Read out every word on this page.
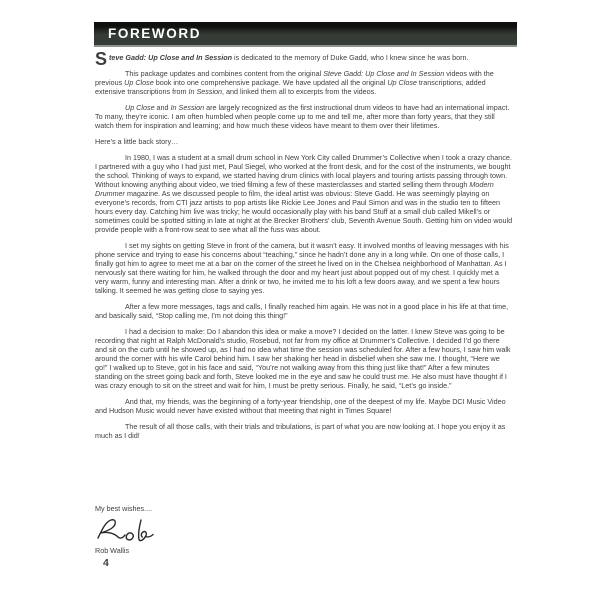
FOREWORD

Steve Gadd: Up Close and In Session is dedicated to the memory of Duke Gadd, who I knew since he was born.

This package updates and combines content from the original Steve Gadd: Up Close and In Session videos with the previous Up Close book into one comprehensive package. We have updated all the original Up Close transcriptions, added extensive transcriptions from In Session, and linked them all to excerpts from the videos.

Up Close and In Session are largely recognized as the first instructional drum videos to have had an international impact. To many, they’re iconic. I am often humbled when people come up to me and tell me, after more than forty years, that they still watch them for inspiration and learning; and how much these videos have meant to them over their lifetimes.

Here’s a little back story…

In 1980, I was a student at a small drum school in New York City called Drummer’s Collective when I took a crazy chance. I partnered with a guy who I had just met, Paul Siegel, who worked at the front desk, and for the cost of the instruments, we bought the school. Thinking of ways to expand, we started having drum clinics with local players and touring artists passing through town. Without knowing anything about video, we tried filming a few of these masterclasses and started selling them through Modern Drummer magazine. As we discussed people to film, the ideal artist was obvious: Steve Gadd. He was seemingly playing on everyone’s records, from CTI jazz artists to pop artists like Rickie Lee Jones and Paul Simon and was in the studio ten to fifteen hours every day. Catching him live was tricky; he would occasionally play with his band Stuff at a small club called Mikell’s or sometimes could be spotted sitting in late at night at the Brecker Brothers’ club, Seventh Avenue South. Getting him on video would provide people with a front-row seat to see what all the fuss was about.

I set my sights on getting Steve in front of the camera, but it wasn’t easy. It involved months of leaving messages with his phone service and trying to ease his concerns about “teaching,” since he hadn’t done any in a long while. On one of those calls, I finally got him to agree to meet me at a bar on the corner of the street he lived on in the Chelsea neighborhood of Manhattan. As I nervously sat there waiting for him, he walked through the door and my heart just about popped out of my chest. I quickly met a very warm, funny and interesting man. After a drink or two, he invited me to his loft a few doors away, and we spent a few hours talking. It seemed he was getting close to saying yes.

After a few more messages, tags and calls, I finally reached him again. He was not in a good place in his life at that time, and basically said, “Stop calling me, I’m not doing this thing!”

I had a decision to make: Do I abandon this idea or make a move? I decided on the latter. I knew Steve was going to be recording that night at Ralph McDonald’s studio, Rosebud, not far from my office at Drummer’s Collective. I decided I’d go there and sit on the curb until he showed up, as I had no idea what time the session was scheduled for. After a few hours, I saw him walk around the corner with his wife Carol behind him. I saw her shaking her head in disbelief when she saw me. I thought, “Here we go!” I walked up to Steve, got in his face and said, “You’re not walking away from this thing just like that!” After a few minutes standing on the street going back and forth, Steve looked me in the eye and saw he could trust me. He also must have thought if I was crazy enough to sit on the street and wait for him, I must be pretty serious. Finally, he said, “Let’s go inside.”

And that, my friends, was the beginning of a forty-year friendship, one of the deepest of my life. Maybe DCI Music Video and Hudson Music would never have existed without that meeting that night in Times Square!

The result of all those calls, with their trials and tribulations, is part of what you are now looking at. I hope you enjoy it as much as I did!

My best wishes....
Rob Wallis
4
